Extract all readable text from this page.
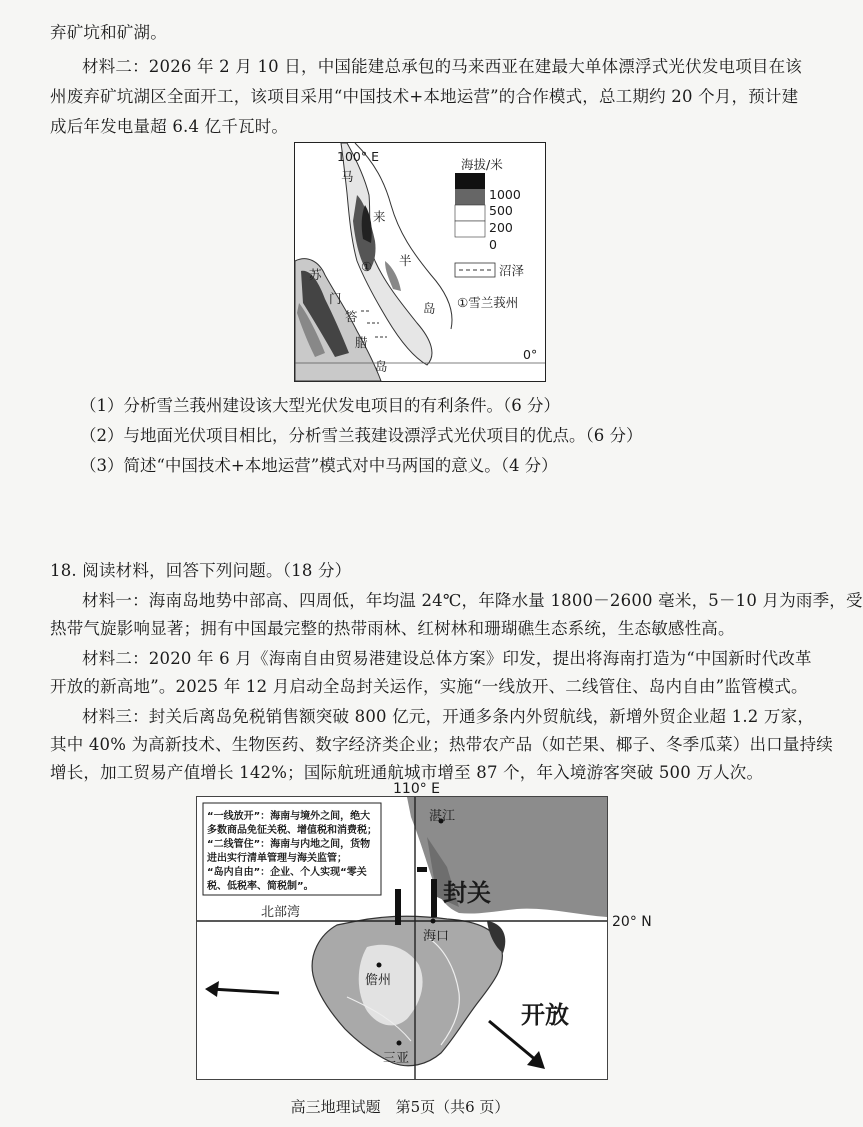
弃矿坑和矿湖。
材料二：2026 年 2 月 10 日，中国能建总承包的马来西亚在建最大单体漂浮式光伏发电项目在该
州废弃矿坑湖区全面开工，该项目采用“中国技术+本地运营”的合作模式，总工期约 20 个月，预计建
成后年发电量超 6.4 亿千瓦时。
100° E
0°
海拔/米
1000
500
200
0
沼泽
①雪兰莪州
马
来
半
岛
苏
门
答
腊
岛
①
（1）分析雪兰莪州建设该大型光伏发电项目的有利条件。（6 分）
（2）与地面光伏项目相比，分析雪兰莪建设漂浮式光伏项目的优点。（6 分）
（3）简述“中国技术+本地运营”模式对中马两国的意义。（4 分）
18. 阅读材料，回答下列问题。（18 分）
材料一：海南岛地势中部高、四周低，年均温 24℃，年降水量 1800－2600 毫米，5－10 月为雨季，受
热带气旋影响显著；拥有中国最完整的热带雨林、红树林和珊瑚礁生态系统，生态敏感性高。
材料二：2020 年 6 月《海南自由贸易港建设总体方案》印发，提出将海南打造为“中国新时代改革
开放的新高地”。2025 年 12 月启动全岛封关运作，实施“一线放开、二线管住、岛内自由”监管模式。
材料三：封关后离岛免税销售额突破 800 亿元，开通多条内外贸航线，新增外贸企业超 1.2 万家，
其中 40% 为高新技术、生物医药、数字经济类企业；热带农产品（如芒果、椰子、冬季瓜菜）出口量持续
增长，加工贸易产值增长 142%；国际航班通航城市增至 87 个，年入境游客突破 500 万人次。
110° E
湛江
海口
儋州
三亚
北部湾
封关
开放
“一线放开”：海南与境外之间，绝大
多数商品免征关税、增值税和消费税；
“二线管住”：海南与内地之间，货物
进出实行清单管理与海关监管；
“岛内自由”：企业、个人实现“零关
税、低税率、简税制”。
20° N
高三地理试题　第5页（共6 页）
